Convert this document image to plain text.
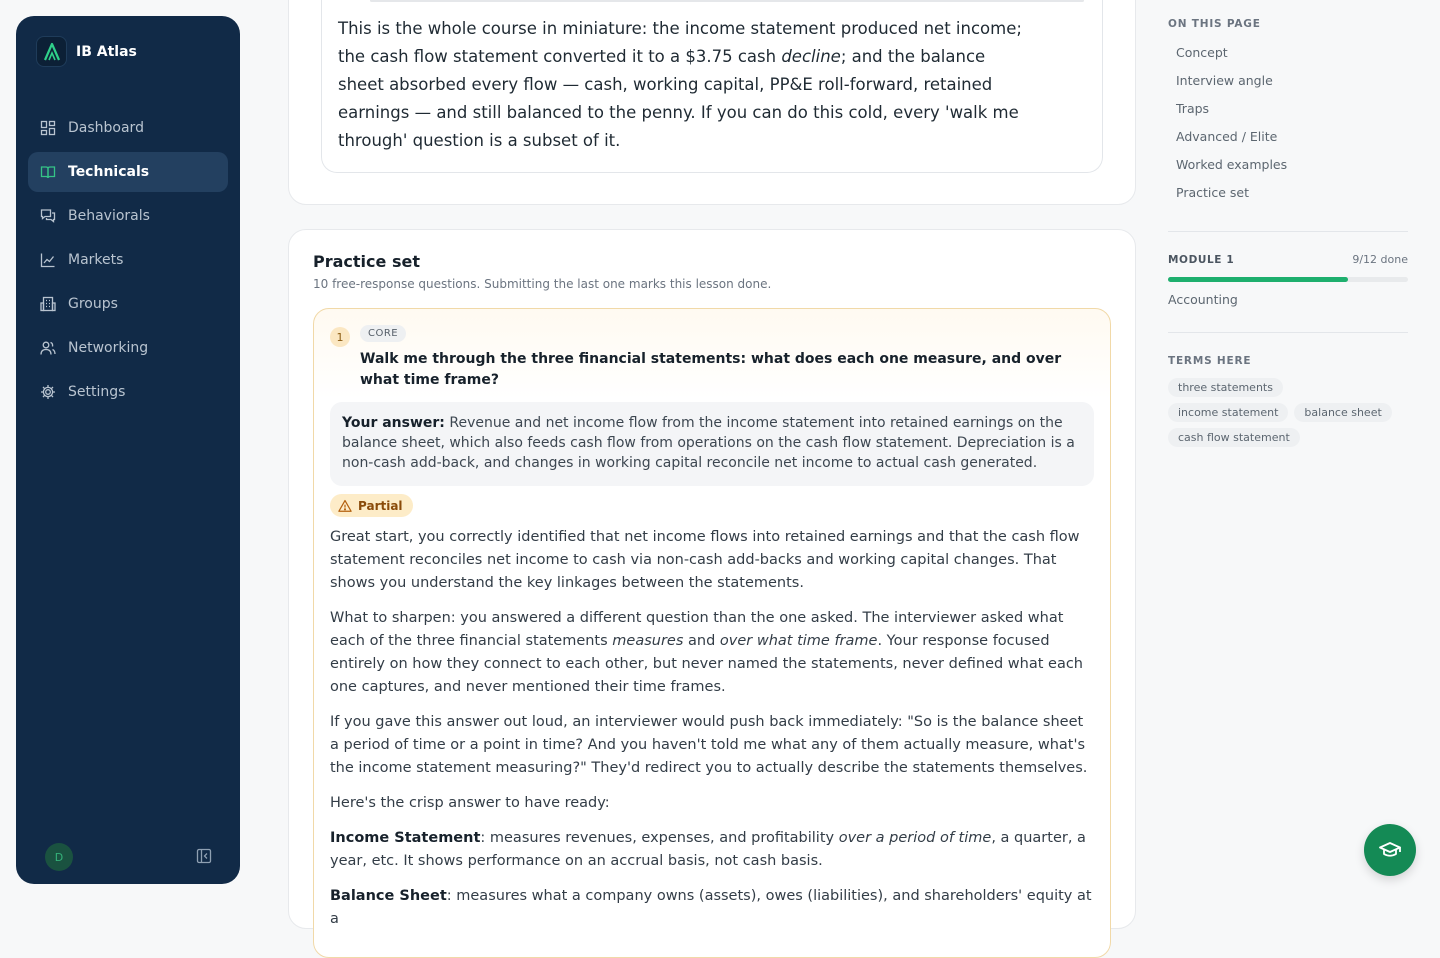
IB Atlas
Dashboard
Technicals
Behaviorals
Markets
Groups
Networking
Settings
D

This is the whole course in miniature: the income statement produced net income; the cash flow statement converted it to a $3.75 cash decline; and the balance sheet absorbed every flow — cash, working capital, PP&E roll-forward, retained earnings — and still balanced to the penny. If you can do this cold, every 'walk me through' question is a subset of it.

Practice set

10 free-response questions. Submitting the last one marks this lesson done.

1	CORE

Walk me through the three financial statements: what does each one measure, and over what time frame?

Your answer: Revenue and net income flow from the income statement into retained earnings on the balance sheet, which also feeds cash flow from operations on the cash flow statement. Depreciation is a non-cash add-back, and changes in working capital reconcile net income to actual cash generated.
Partial

Great start, you correctly identified that net income flows into retained earnings and that the cash flow statement reconciles net income to cash via non-cash add-backs and working capital changes. That shows you understand the key linkages between the statements.

What to sharpen: you answered a different question than the one asked. The interviewer asked what each of the three financial statements measures and over what time frame. Your response focused entirely on how they connect to each other, but never named the statements, never defined what each one captures, and never mentioned their time frames.

If you gave this answer out loud, an interviewer would push back immediately: "So is the balance sheet a period of time or a point in time? And you haven't told me what any of them actually measure, what's the income statement measuring?" They'd redirect you to actually describe the statements themselves.

Here's the crisp answer to have ready:

Income Statement: measures revenues, expenses, and profitability over a period of time, a quarter, a year, etc. It shows performance on an accrual basis, not cash basis.

Balance Sheet: measures what a company owns (assets), owes (liabilities), and shareholders' equity at a

ON THIS PAGE
Concept
Interview angle
Traps
Advanced / Elite
Worked examples
Practice set
MODULE 1	9/12 done
Accounting
TERMS HERE
three statements
income statement	balance sheet
cash flow statement
